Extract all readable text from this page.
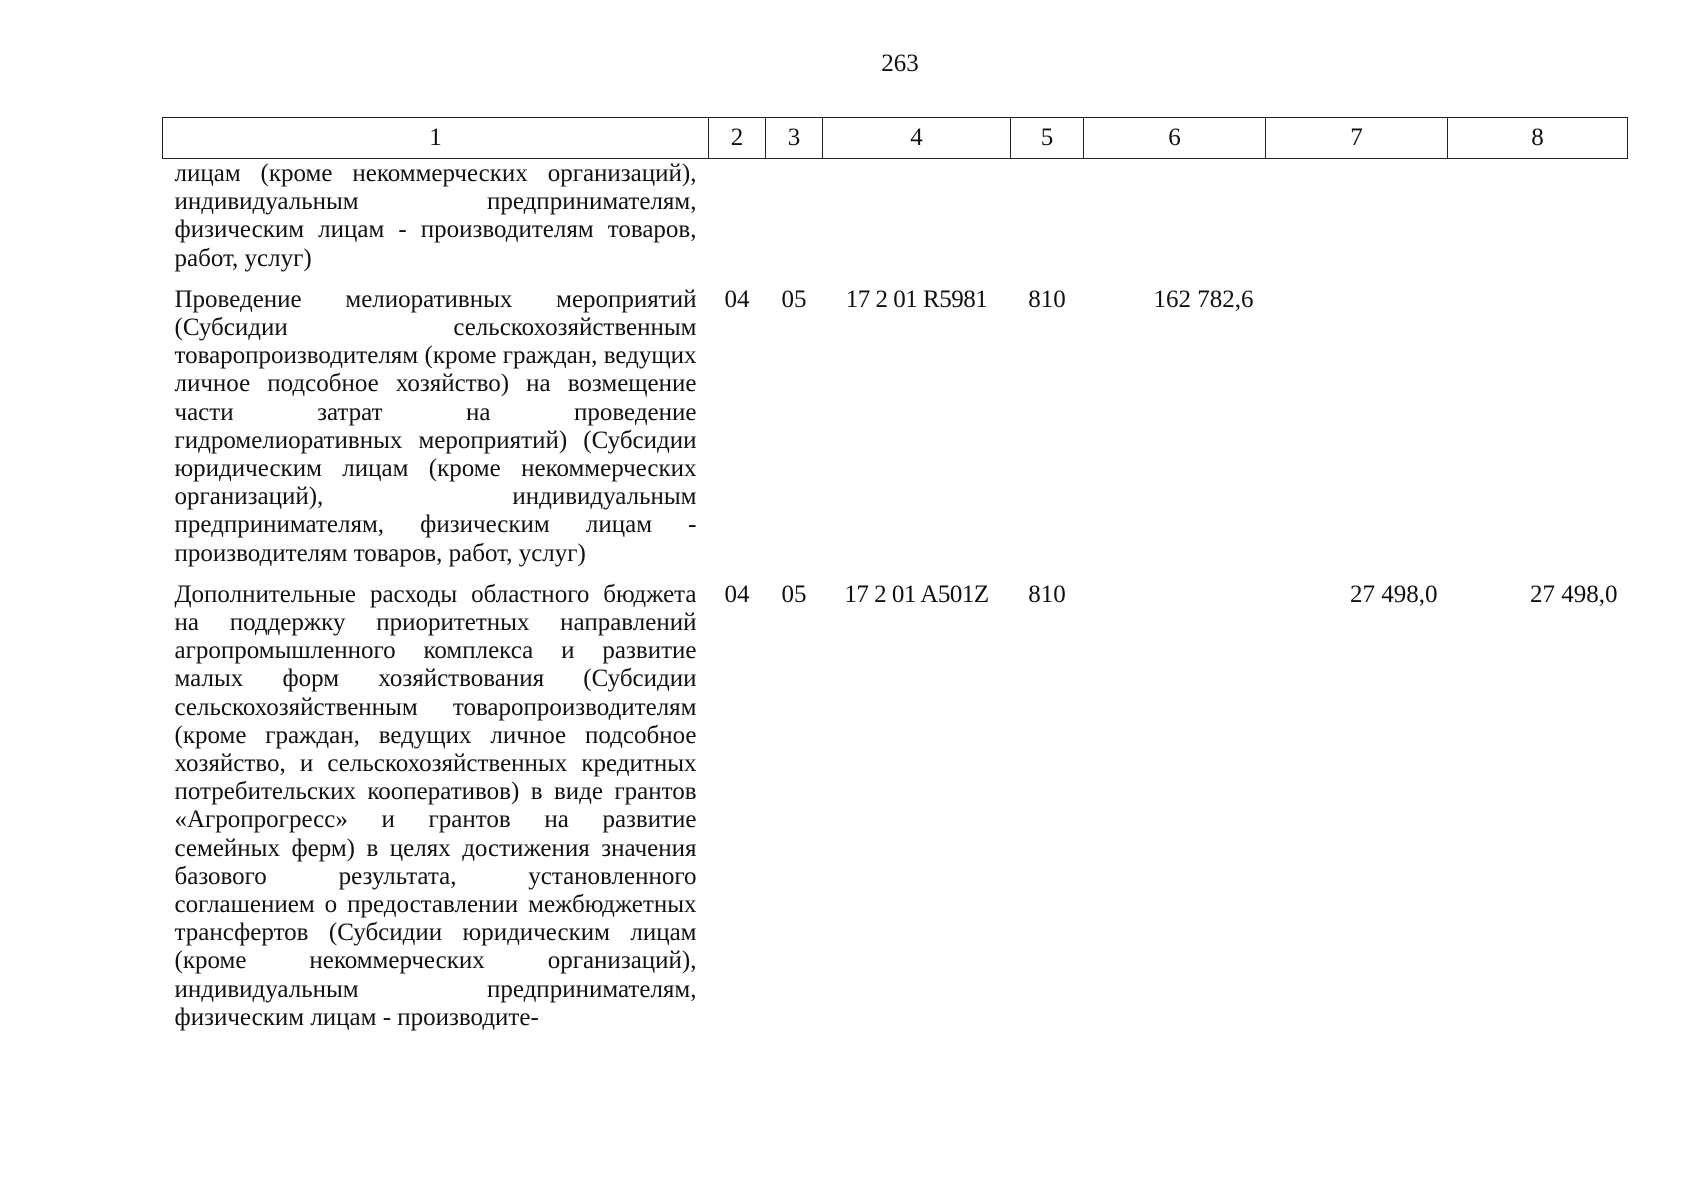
263
1	2	3	4	5	6	7	8
лицам (кроме некоммерческих организаций), индивидуальным предпринимателям, физическим лицам - производителям товаров, работ, услуг)							
Проведение мелиоративных мероприятий (Субсидии сельскохозяйственным товаропроизводителям (кроме граждан, ведущих личное подсобное хозяйство) на возмещение части затрат на проведение гидромелиоративных мероприятий) (Субсидии юридическим лицам (кроме некоммерческих организаций), индивидуальным предпринимателям, физическим лицам - производителям товаров, работ, услуг)	04	05	17 2 01 R5981	810	162 782,6		
Дополнительные расходы областного бюджета на поддержку приоритетных направлений агропромышленного комплекса и развитие малых форм хозяйствования (Субсидии сельскохозяйственным товаропроизводителям (кроме граждан, ведущих личное подсобное хозяйство, и сельскохозяйственных кредитных потребительских кооперативов) в виде грантов «Агропрогресс» и грантов на развитие семейных ферм) в целях достижения значения базового результата, установленного соглашением о предоставлении межбюджетных трансфертов (Субсидии юридическим лицам (кроме некоммерческих организаций), индивидуальным предпринимателям, физическим лицам - производите-	04	05	17 2 01 A501Z	810		27 498,0	27 498,0
